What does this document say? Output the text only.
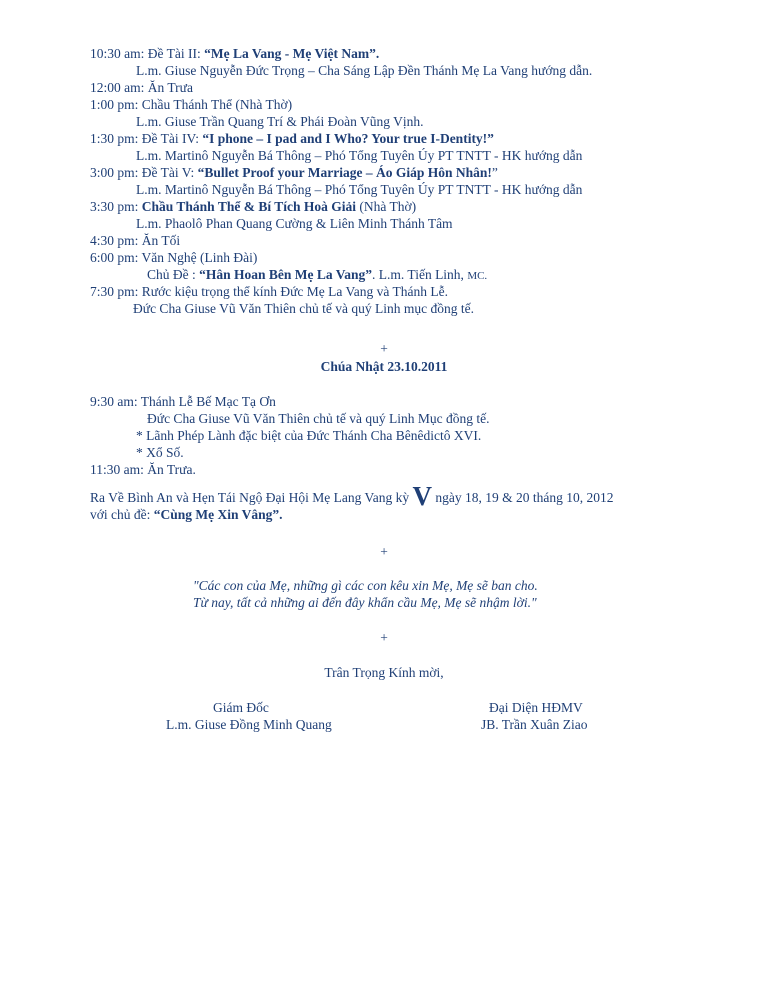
10:30 am: Đề Tài II: “Mẹ La Vang - Mẹ Việt Nam”.
L.m. Giuse Nguyễn Đức Trọng – Cha Sáng Lập Đền Thánh Mẹ La Vang hướng dẫn.
12:00 am: Ăn Trưa
1:00 pm: Chầu Thánh Thể (Nhà Thờ)
L.m. Giuse Trần Quang Trí & Phái Đoàn Vũng Vịnh.
1:30 pm: Đề Tài IV: “I phone – I pad and I Who? Your true I-Dentity!”
L.m. Martinô Nguyễn Bá Thông – Phó Tổng Tuyên Úy PT TNTT - HK hướng dẫn
3:00 pm: Đề Tài V: “Bullet Proof your Marriage – Áo Giáp Hôn Nhân!”
L.m. Martinô Nguyễn Bá Thông – Phó Tổng Tuyên Úy PT TNTT - HK hướng dẫn
3:30 pm: Chầu Thánh Thể & Bí Tích Hoà Giải (Nhà Thờ)
L.m. Phaolô Phan Quang Cường & Liên Minh Thánh Tâm
4:30 pm: Ăn Tối
6:00 pm: Văn Nghệ (Linh Đài)
Chủ Đề : “Hân Hoan Bên Mẹ La Vang”. L.m. Tiến Linh, MC.
7:30 pm: Rước kiệu trọng thể kính Đức Mẹ La Vang và Thánh Lễ.
Đức Cha Giuse Vũ Văn Thiên chủ tế và quý Linh mục đồng tế.
+
Chúa Nhật 23.10.2011
9:30 am: Thánh Lễ Bế Mạc Tạ Ơn
Đức Cha Giuse Vũ Văn Thiên chủ tế và quý Linh Mục đồng tế.
* Lãnh Phép Lành đặc biệt của Đức Thánh Cha Bênêdictô XVI.
* Xổ Số.
11:30 am: Ăn Trưa.
Ra Về Bình An và Hẹn Tái Ngộ Đại Hội Mẹ Lang Vang kỳ V ngày 18, 19 & 20 tháng 10, 2012
với chủ đề: “Cùng Mẹ Xin Vâng”.
+
"Các con của Mẹ, những gì các con kêu xin Mẹ, Mẹ sẽ ban cho.
Từ nay, tất cả những ai đến đây khẩn cầu Mẹ, Mẹ sẽ nhậm lời."
+
Trân Trọng Kính mời,
Giám Đốc
L.m. Giuse Đồng Minh Quang
Đại Diện HĐMV
JB. Trần Xuân Ziao
